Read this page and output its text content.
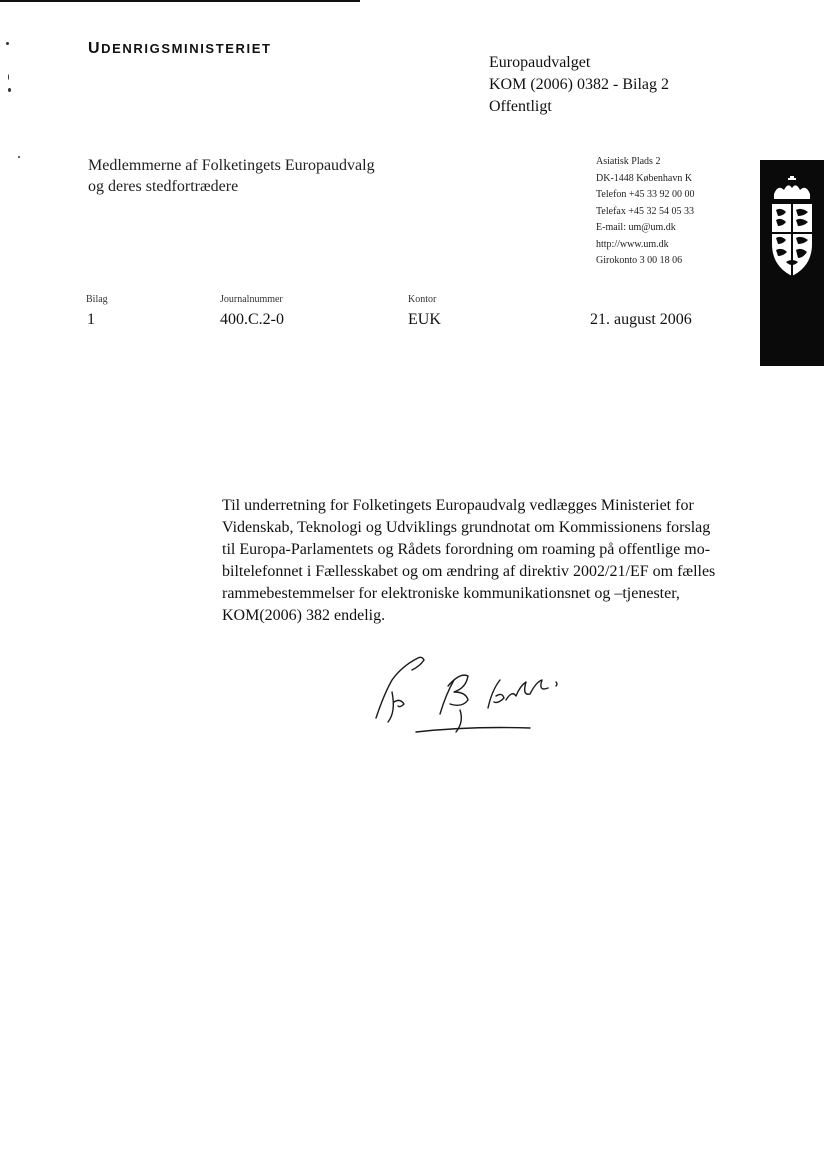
UDENRIGSMINISTERIET
Europaudvalget
KOM (2006) 0382 - Bilag 2
Offentligt
Medlemmerne af Folketingets Europaudvalg
og deres stedfortrædere
Asiatisk Plads 2
DK-1448 København K
Telefon +45 33 92 00 00
Telefax +45 32 54 05 33
E-mail: um@um.dk
http://www.um.dk
Girokonto 3 00 18 06
Bilag	Journalnummer	Kontor
1	400.C.2-0	EUK	21. august 2006
Til underretning for Folketingets Europaudvalg vedlægges Ministeriet for
Videnskab, Teknologi og Udviklings grundnotat om Kommissionens forslag
til Europa-Parlamentets og Rådets forordning om roaming på offentlige mo-
biltelefonnet i Fællesskabet og om ændring af direktiv 2002/21/EF om fælles
rammebestemmelser for elektroniske kommunikationsnet og –tjenester,
KOM(2006) 382 endelig.
